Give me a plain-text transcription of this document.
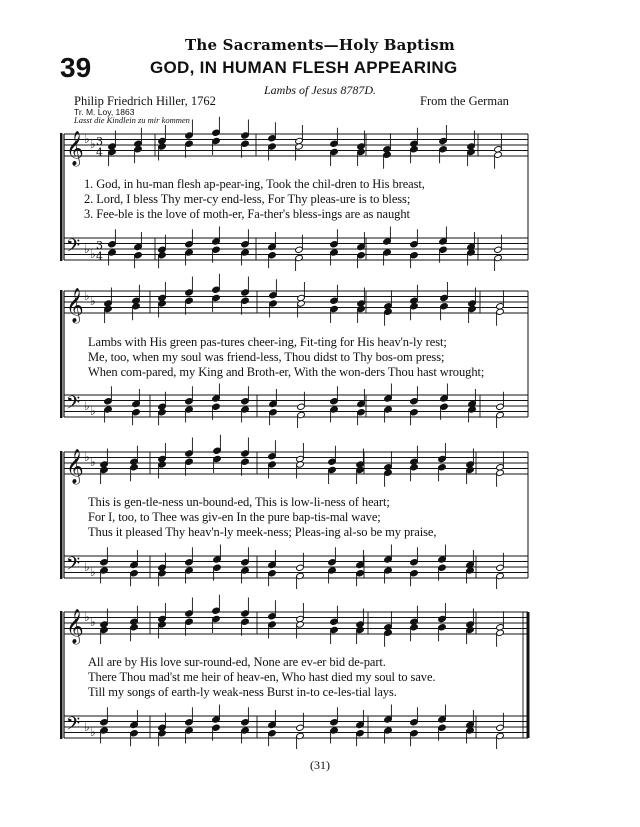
The Sacraments—Holy Baptism
39	GOD, IN HUMAN FLESH APPEARING
Lambs of Jesus 8787D.
Philip Friedrich Hiller, 1762	From the German
Tr. M. Loy, 1863
Lasst die Kindlein zu mir kommen
𝄞
𝄢
♭ ♭
♭ ♭
3
4
3
4
𝄞
𝄢
♭ ♭
♭ ♭
𝄞
𝄢
♭ ♭
♭ ♭
𝄞
𝄢
♭ ♭
♭ ♭
1. God, in hu-man flesh ap-pear-ing, Took the chil-dren to His breast,
2. Lord, I bless Thy mer-cy end-less, For Thy pleas-ure is to bless;
3. Fee-ble is the love of moth-er, Fa-ther's bless-ings are as naught
Lambs with His green pas-tures cheer-ing, Fit-ting for His heav'n-ly rest;
Me, too, when my soul was friend-less, Thou didst to Thy bos-om press;
When com-pared, my King and Broth-er, With the won-ders Thou hast wrought;
This is gen-tle-ness un-bound-ed, This is low-li-ness of heart;
For I, too, to Thee was giv-en In the pure bap-tis-mal wave;
Thus it pleased Thy heav'n-ly meek-ness; Pleas-ing al-so be my praise,
All are by His love sur-round-ed, None are ev-er bid de-part.
There Thou mad'st me heir of heav-en, Who hast died my soul to save.
Till my songs of earth-ly weak-ness Burst in-to ce-les-tial lays.
(31)
